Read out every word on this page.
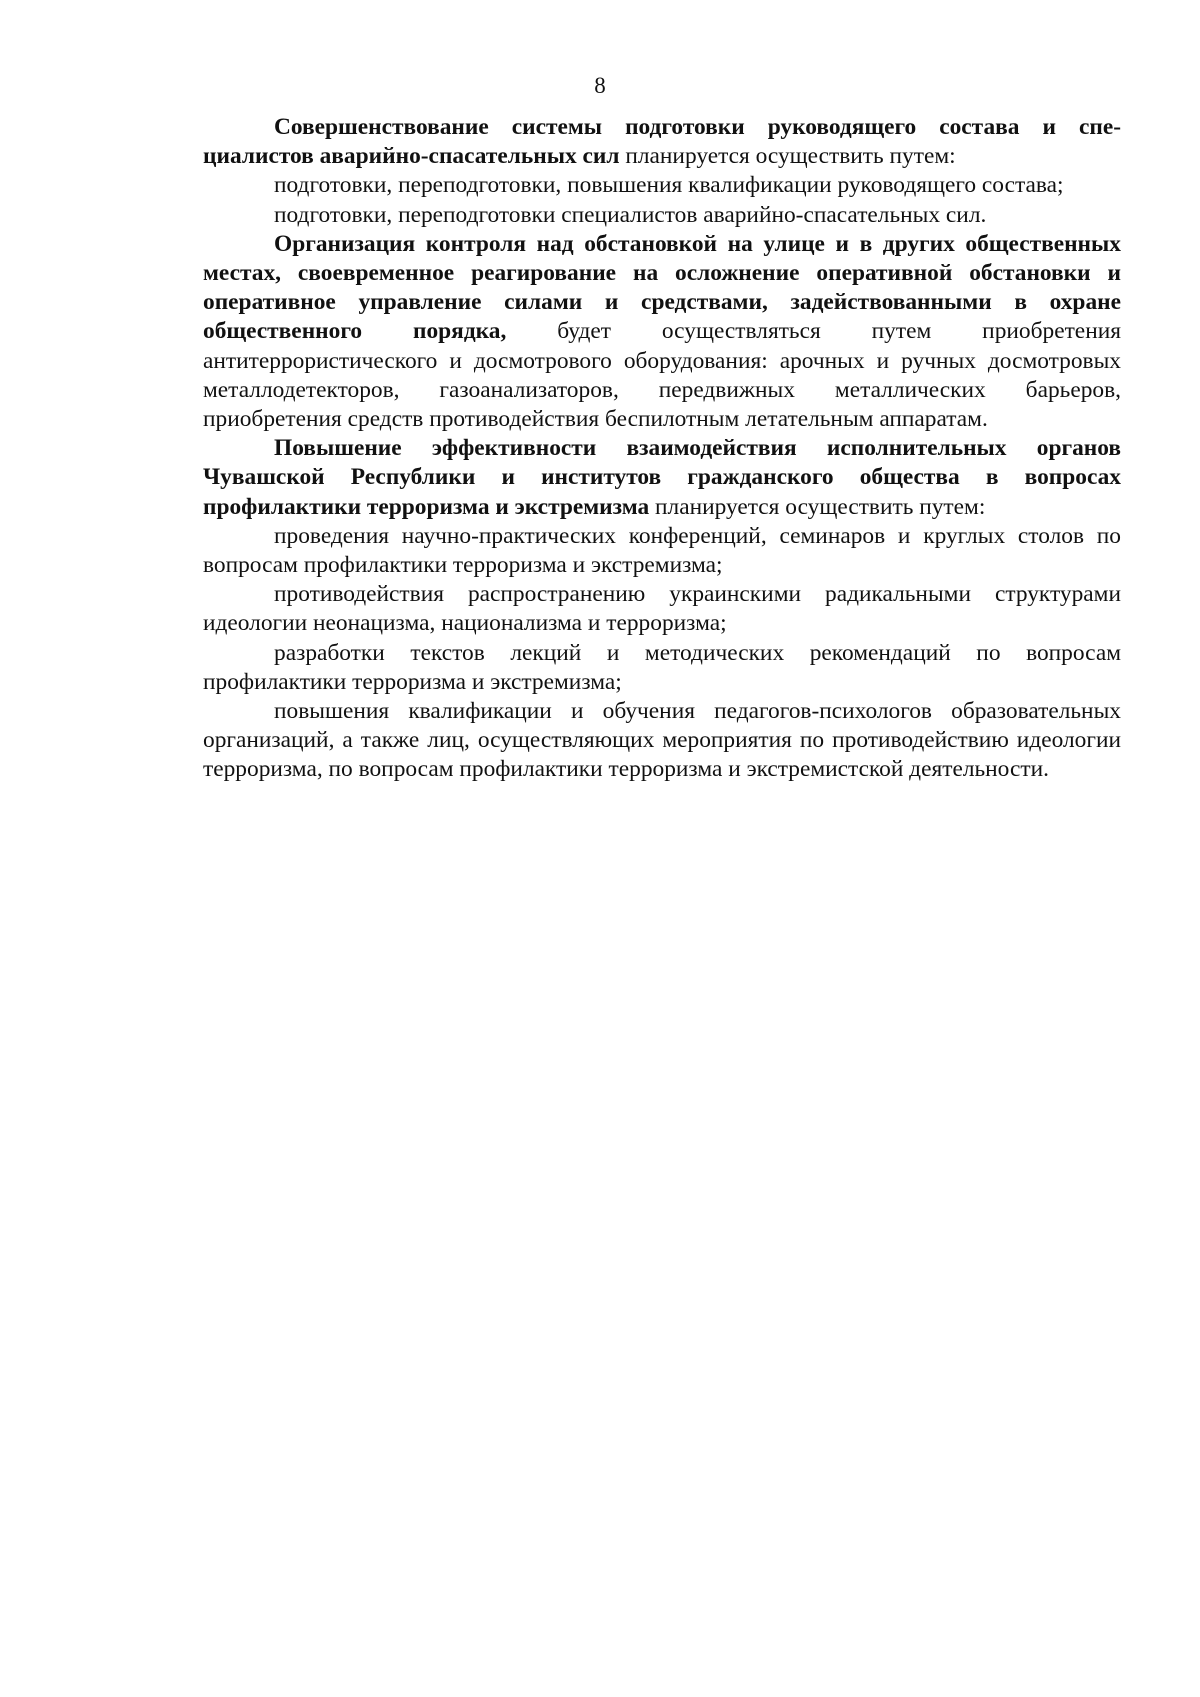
8

Совершенствование системы подготовки руководящего состава и специалистов аварийно-спасательных сил планируется осуществить путем:

подготовки, переподготовки, повышения квалификации руководящего состава;

подготовки, переподготовки специалистов аварийно-спасательных сил.

Организация контроля над обстановкой на улице и в других общественных местах, своевременное реагирование на осложнение оперативной обстановки и оперативное управление силами и средствами, задействованными в охране общественного порядка, будет осуществляться путем приобретения антитеррористического и досмотрового оборудования: арочных и ручных досмотровых металлодетекторов, газоанализаторов, передвижных металлических барьеров, приобретения средств противодействия беспилотным летательным аппаратам.

Повышение эффективности взаимодействия исполнительных органов Чувашской Республики и институтов гражданского общества в вопросах профилактики терроризма и экстремизма планируется осуществить путем:

проведения научно-практических конференций, семинаров и круглых столов по вопросам профилактики терроризма и экстремизма;

противодействия распространению украинскими радикальными структурами идеологии неонацизма, национализма и терроризма;

разработки текстов лекций и методических рекомендаций по вопросам профилактики терроризма и экстремизма;

повышения квалификации и обучения педагогов-психологов образовательных организаций, а также лиц, осуществляющих мероприятия по противодействию идеологии терроризма, по вопросам профилактики терроризма и экстремистской деятельности.
